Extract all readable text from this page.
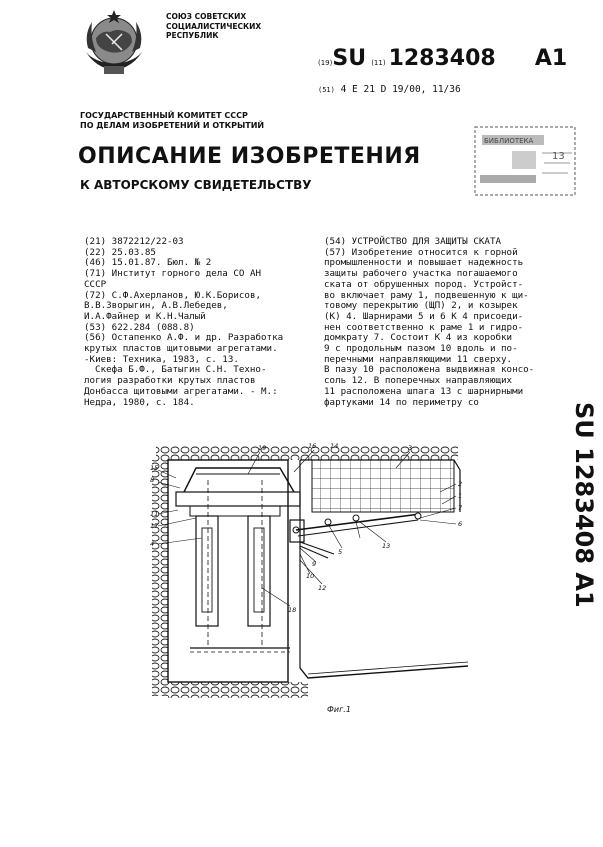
СОЮЗ СОВЕТСКИХ
СОЦИАЛИСТИЧЕСКИХ
РЕСПУБЛИК
(19)SU (11) 1283408 A1
(51) 4 E 21 D 19/00, 11/36
ГОСУДАРСТВЕННЫЙ КОМИТЕТ СССР
ПО ДЕЛАМ ИЗОБРЕТЕНИЙ И ОТКРЫТИЙ
ОПИСАНИЕ ИЗОБРЕТЕНИЯ
К АВТОРСКОМУ СВИДЕТЕЛЬСТВУ
БИБЛИОТЕКА
13
(21) 3872212/22-03
(22) 25.03.85
(46) 15.01.87. Бюл. № 2
(71) Институт горного дела СО АН
СССР
(72) С.Ф.Ахерланов, Ю.К.Борисов,
В.В.Зворыгин, А.В.Лебедев,
И.А.Файнер и К.Н.Чалый
(53) 622.284 (088.8)
(56) Остапенко А.Ф. и др. Разработка
крутых пластов щитовыми агрегатами.
-Киев: Техника, 1983, с. 13.
Скефа Б.Ф., Батыгин С.Н. Техно-
логия разработки крутых пластов
Донбасса щитовыми агрегатами. - М.:
Недра, 1980, с. 184.
(54) УСТРОЙСТВО ДЛЯ ЗАЩИТЫ СКАТА
(57) Изобретение относится к горной
промышленности и повышает надежность
защиты рабочего участка погашаемого
ската от обрушенных пород. Устройст-
во включает раму 1, подвешенную к щи-
товому перекрытию (ЩП) 2, и козырек
(К) 4. Шарнирами 5 и 6 К 4 присоеди-
нен соответственно к раме 1 и гидро-
домкрату 7. Состоит К 4 из коробки
9 с продольным пазом 10 вдоль и по-
перечными направляющими 11 сверху.
В пазу 10 расположена выдвижная консо-
соль 12. В поперечных направляющих
11 расположена шпага 13 с шарнирными
фартуками 14 по периметру со
15
8
11
17
4
19	16 14	3
2
1
7
6
5
13
9
10
12
18
Фиг.1
SU 1283408 A1
